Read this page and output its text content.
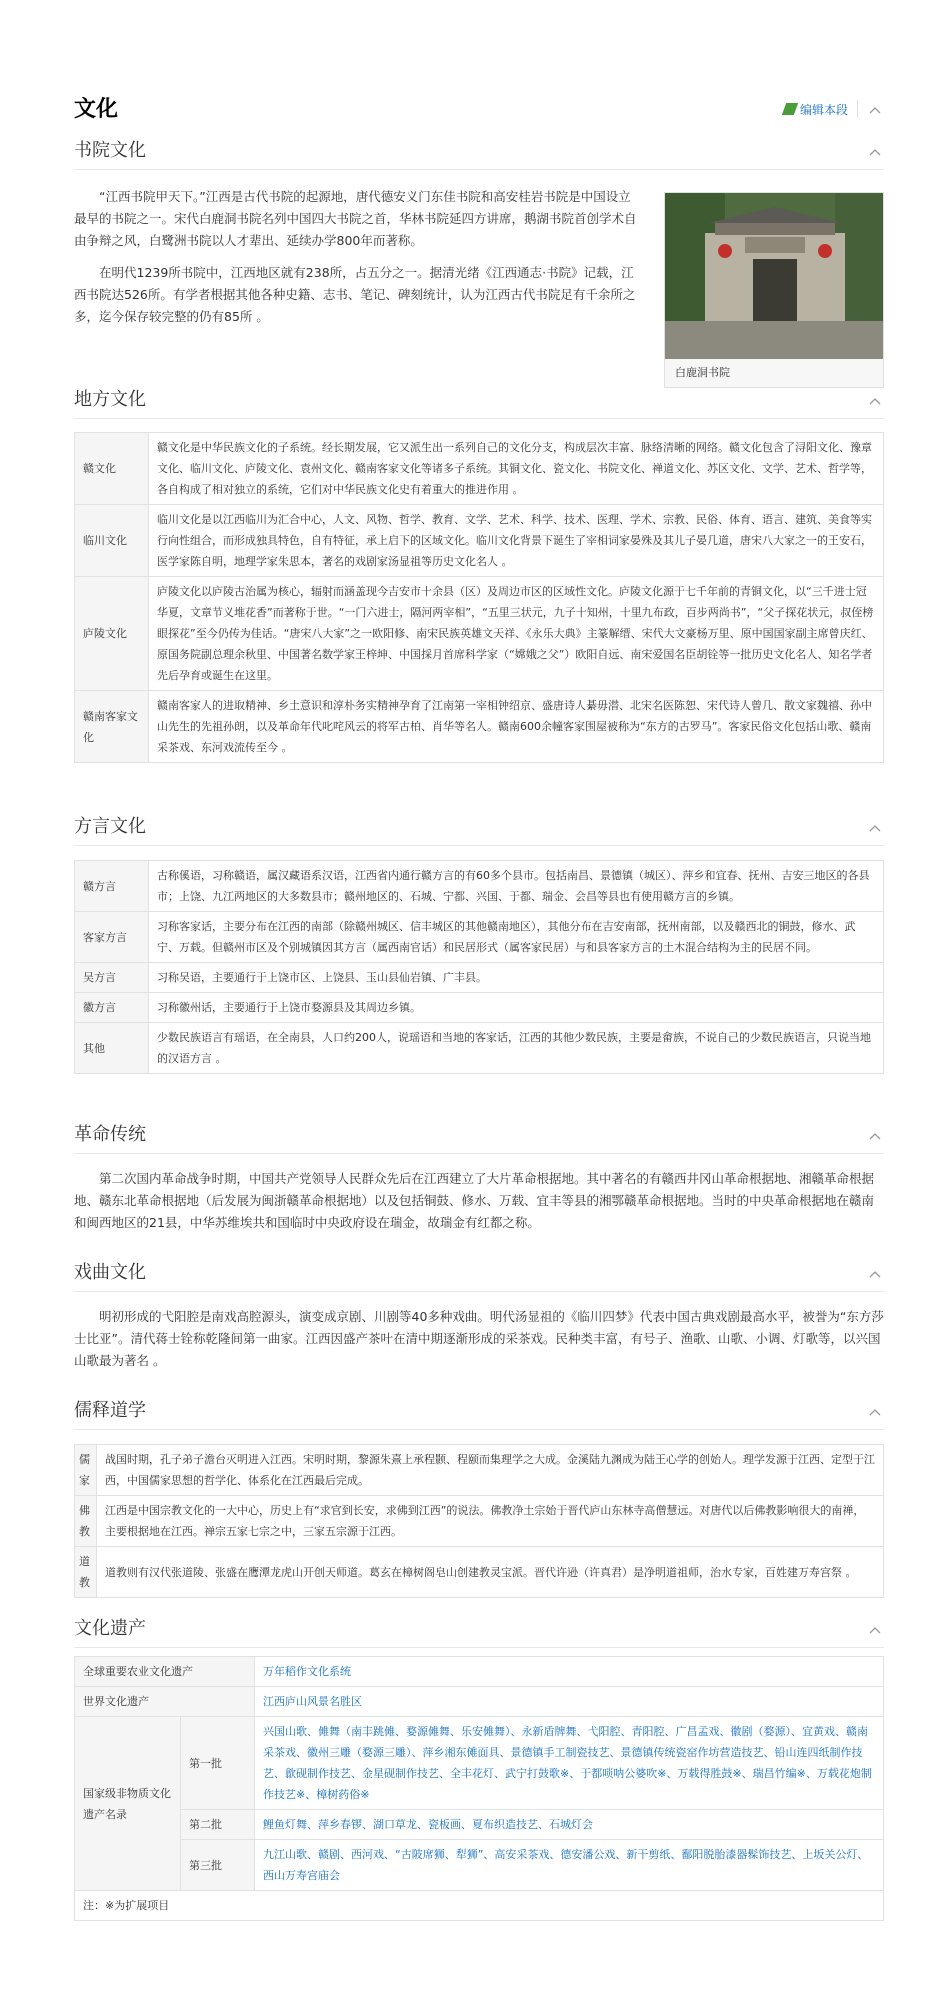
文化	编辑本段
书院文化

“江西书院甲天下。”江西是古代书院的起源地，唐代德安义门东佳书院和高安桂岩书院是中国设立最早的书院之一。宋代白鹿洞书院名列中国四大书院之首，华林书院延四方讲席，鹅湖书院首创学术自由争辩之风，白鹭洲书院以人才辈出、延续办学800年而著称。

在明代1239所书院中，江西地区就有238所，占五分之一。据清光绪《江西通志·书院》记载，江西书院达526所。有学者根据其他各种史籍、志书、笔记、碑刻统计，认为江西古代书院足有千余所之多，迄今保存较完整的仍有85所 。

白鹿洞书院
地方文化
赣文化	赣文化是中华民族文化的子系统。经长期发展，它又派生出一系列自己的文化分支，构成层次丰富、脉络清晰的网络。赣文化包含了浔阳文化、豫章文化、临川文化、庐陵文化、袁州文化、赣南客家文化等诸多子系统。其铜文化、瓷文化、书院文化、禅道文化、苏区文化、文学、艺术、哲学等，各自构成了相对独立的系统，它们对中华民族文化史有着重大的推进作用 。
临川文化	临川文化是以江西临川为汇合中心，人文、风物、哲学、教育、文学、艺术、科学、技术、医理、学术、宗教、民俗、体育、语言、建筑、美食等实行向性组合，而形成独具特色，自有特征，承上启下的区域文化。临川文化背景下诞生了宰相词家晏殊及其儿子晏几道，唐宋八大家之一的王安石，医学家陈自明，地理学家朱思本，著名的戏剧家汤显祖等历史文化名人 。
庐陵文化	庐陵文化以庐陵古治属为核心，辐射而涵盖现今吉安市十余县（区）及周边市区的区域性文化。庐陵文化源于七千年前的青铜文化，以“三千进士冠华夏，文章节义堆花香”而著称于世。“一门六进士，隔河两宰相”，“五里三状元，九子十知州，十里九布政，百步两尚书”，“父子探花状元，叔侄榜眼探花”至今仍传为佳话。“唐宋八大家”之一欧阳修、南宋民族英雄文天祥、《永乐大典》主篆解缙、宋代大文豪杨万里、原中国国家副主席曾庆红、原国务院副总理余秋里、中国著名数学家王梓坤、中国採月首席科学家（“嫦娥之父”）欧阳自远、南宋爱国名臣胡铨等一批历史文化名人、知名学者先后孕育或诞生在这里。
赣南客家文化	赣南客家人的进取精神、乡土意识和淳朴务实精神孕育了江南第一宰相钟绍京、盛唐诗人綦毋潜、北宋名医陈恕、宋代诗人曾几、散文家魏禧、孙中山先生的先祖孙朗，以及革命年代叱咤风云的将军古柏、肖华等名人。赣南600余幢客家围屋被称为“东方的古罗马”。客家民俗文化包括山歌、赣南采茶戏、东河戏流传至今 。
方言文化
赣方言	古称傒语，习称赣语，属汉藏语系汉语，江西省内通行赣方言的有60多个县市。包括南昌、景德镇（城区）、萍乡和宜春、抚州、吉安三地区的各县市；上饶、九江两地区的大多数县市；赣州地区的、石城、宁都、兴国、于都、瑞金、会昌等县也有使用赣方言的乡镇。
客家方言	习称客家话，主要分布在江西的南部（除赣州城区、信丰城区的其他赣南地区），其他分布在吉安南部，抚州南部，以及赣西北的铜鼓，修水、武宁、万载。但赣州市区及个别城镇因其方言（属西南官话）和民居形式（属客家民居）与和县客家方言的土木混合结构为主的民居不同。
吴方言	习称吴语，主要通行于上饶市区、上饶县、玉山县仙岩镇、广丰县。
徽方言	习称徽州话，主要通行于上饶市婺源县及其周边乡镇。
其他	少数民族语言有瑶语，在全南县，人口约200人，说瑶语和当地的客家话，江西的其他少数民族，主要是畲族，不说自己的少数民族语言，只说当地的汉语方言 。
革命传统

第二次国内革命战争时期，中国共产党领导人民群众先后在江西建立了大片革命根据地。其中著名的有赣西井冈山革命根据地、湘赣革命根据地、赣东北革命根据地（后发展为闽浙赣革命根据地）以及包括铜鼓、修水、万载、宜丰等县的湘鄂赣革命根据地。当时的中央革命根据地在赣南和闽西地区的21县，中华苏维埃共和国临时中央政府设在瑞金，故瑞金有红都之称。

戏曲文化

明初形成的弋阳腔是南戏高腔源头，演变成京剧、川剧等40多种戏曲。明代汤显祖的《临川四梦》代表中国古典戏剧最高水平，被誉为“东方莎士比亚”。清代蒋士铨称乾隆间第一曲家。江西因盛产茶叶在清中期逐渐形成的采茶戏。民种类丰富，有号子、渔歌、山歌、小调、灯歌等，以兴国山歌最为著名 。

儒释道学
儒家	战国时期，孔子弟子澹台灭明进入江西。宋明时期，黎源朱熹上承程颢、程颐而集理学之大成。金溪陆九渊成为陆王心学的创始人。理学发源于江西、定型于江西，中国儒家思想的哲学化、体系化在江西最后完成。
佛教	江西是中国宗教文化的一大中心，历史上有“求官到长安，求佛到江西”的说法。佛教净土宗始于晋代庐山东林寺高僧慧远。对唐代以后佛教影响很大的南禅，主要根据地在江西。禅宗五家七宗之中，三家五宗源于江西。
道教	道教则有汉代张道陵、张盛在鹰潭龙虎山开创天师道。葛玄在樟树阁皂山创建教灵宝派。晋代许逊（许真君）是净明道祖师，治水专家，百姓建万寿宫祭 。
文化遗产
全球重要农业文化遗产		万年稻作文化系统
世界文化遗产		江西庐山风景名胜区
国家级非物质文化遗产名录	第一批	兴国山歌、傩舞（南丰跳傩、婺源傩舞、乐安傩舞）、永新盾牌舞、弋阳腔、青阳腔、广昌孟戏、徽剧（婺源）、宜黄戏、赣南采茶戏、徽州三雕（婺源三雕）、萍乡湘东傩面具、景德镇手工制瓷技艺、景德镇传统瓷窑作坊营造技艺、铅山连四纸制作技艺、歙砚制作技艺、金星砚制作技艺、全丰花灯、武宁打鼓歌※、于都唢呐公婆吹※、万载得胜鼓※、瑞昌竹编※、万载花炮制作技艺※、樟树药俗※
	第二批	鲤鱼灯舞、萍乡春锣、湖口草龙、瓷板画、夏布织造技艺、石城灯会
	第三批	九江山歌、赣剧、西河戏、“古陂席狮、犁狮”、高安采茶戏、德安潘公戏、新干剪纸、鄱阳脱胎漆器髹饰技艺、上坂关公灯、西山万寿宫庙会
注：※为扩展项目		
